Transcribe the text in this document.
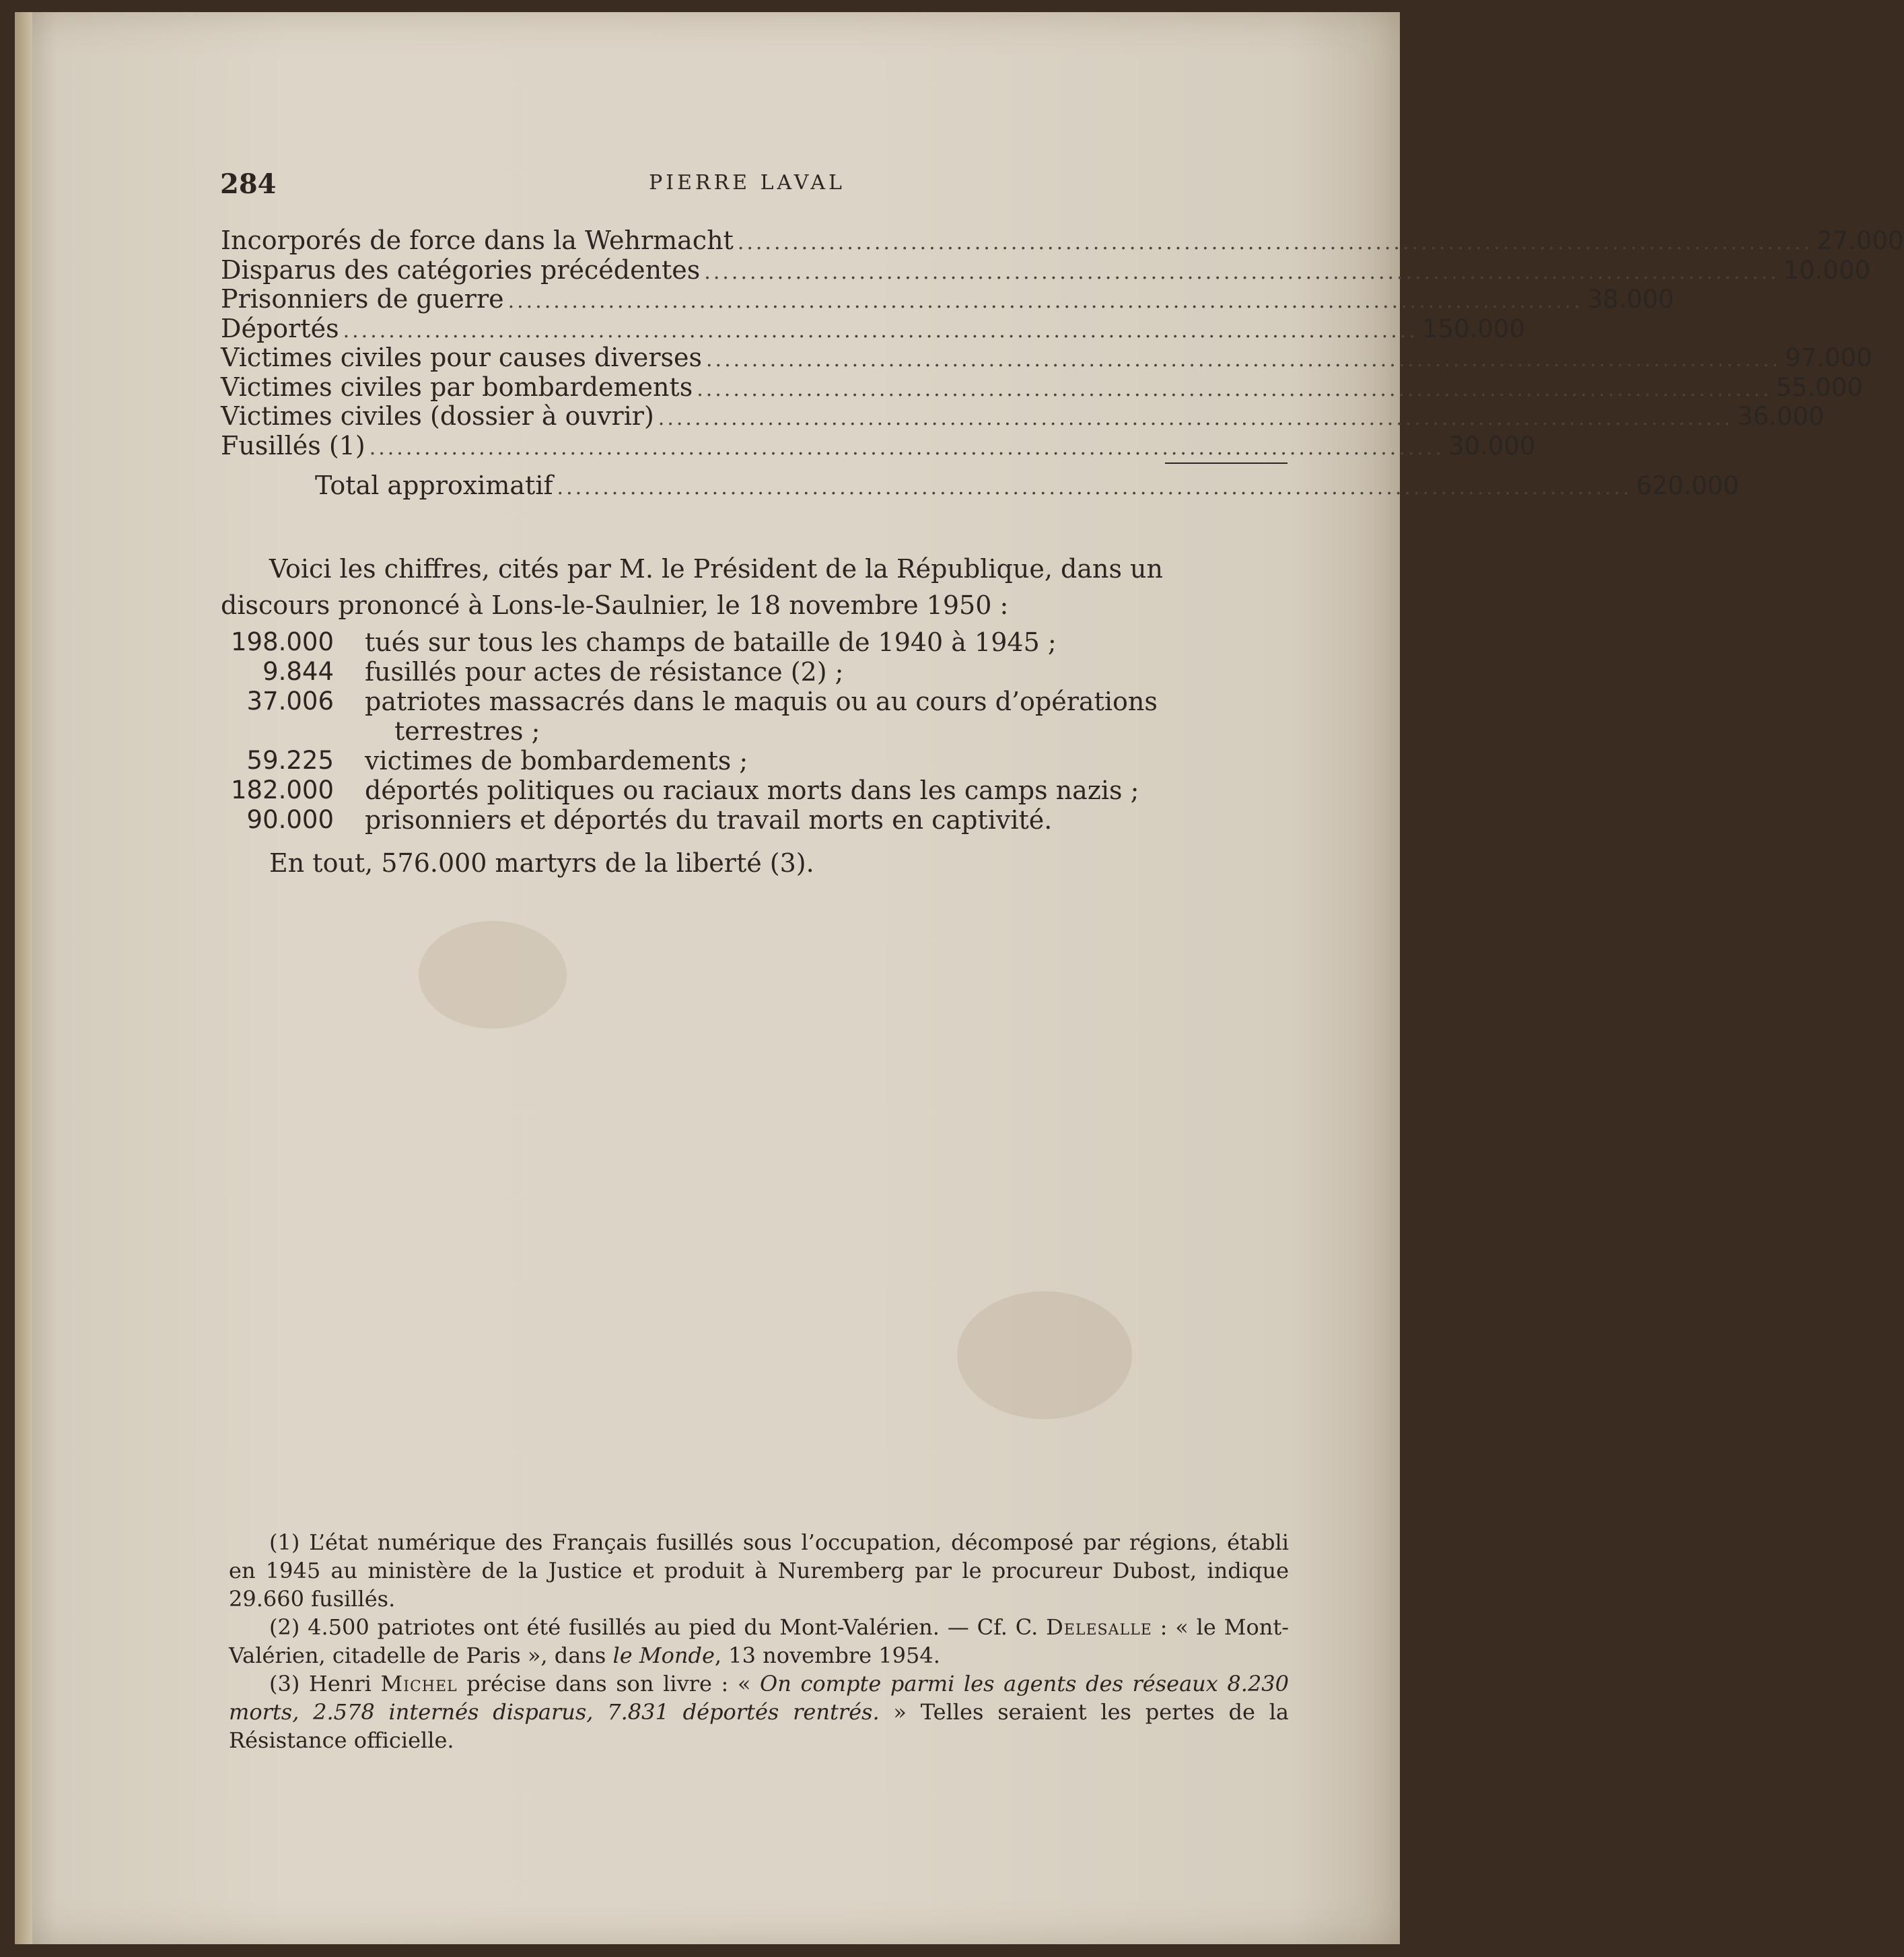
284	PIERRE LAVAL
Incorporés de force dans la Wehrmacht ...................................................................................................................... 27.000
Disparus des catégories précédentes ...................................................................................................................... 10.000
Prisonniers de guerre ...................................................................................................................... 38.000
Déportés ...................................................................................................................... 150.000
Victimes civiles pour causes diverses ...................................................................................................................... 97.000
Victimes civiles par bombardements ...................................................................................................................... 55.000
Victimes civiles (dossier à ouvrir) ...................................................................................................................... 36.000
Fusillés (1) ...................................................................................................................... 30.000
Total approximatif ...................................................................................................................... 620.000
Voici les chiffres, cités par M. le Président de la République, dans un
discours prononcé à Lons-le-Saulnier, le 18 novembre 1950 :
198.000	tués sur tous les champs de bataille de 1940 à 1945 ;
9.844	fusillés pour actes de résistance (2) ;
37.006	patriotes massacrés dans le maquis ou au cours d’opérations
terrestres ;
59.225	victimes de bombardements ;
182.000	déportés politiques ou raciaux morts dans les camps nazis ;
90.000	prisonniers et déportés du travail morts en captivité.
En tout, 576.000 martyrs de la liberté (3).

(1) L’état numérique des Français fusillés sous l’occupation, décomposé par régions, établi en 1945 au ministère de la Justice et produit à Nuremberg par le procureur Dubost, indique 29.660 fusillés.

(2) 4.500 patriotes ont été fusillés au pied du Mont-Valérien. — Cf. C. Delesalle : « le Mont-Valérien, citadelle de Paris », dans le Monde, 13 novembre 1954.

(3) Henri Michel précise dans son livre : « On compte parmi les agents des réseaux 8.230 morts, 2.578 internés disparus, 7.831 déportés rentrés. » Telles seraient les pertes de la Résistance officielle.
